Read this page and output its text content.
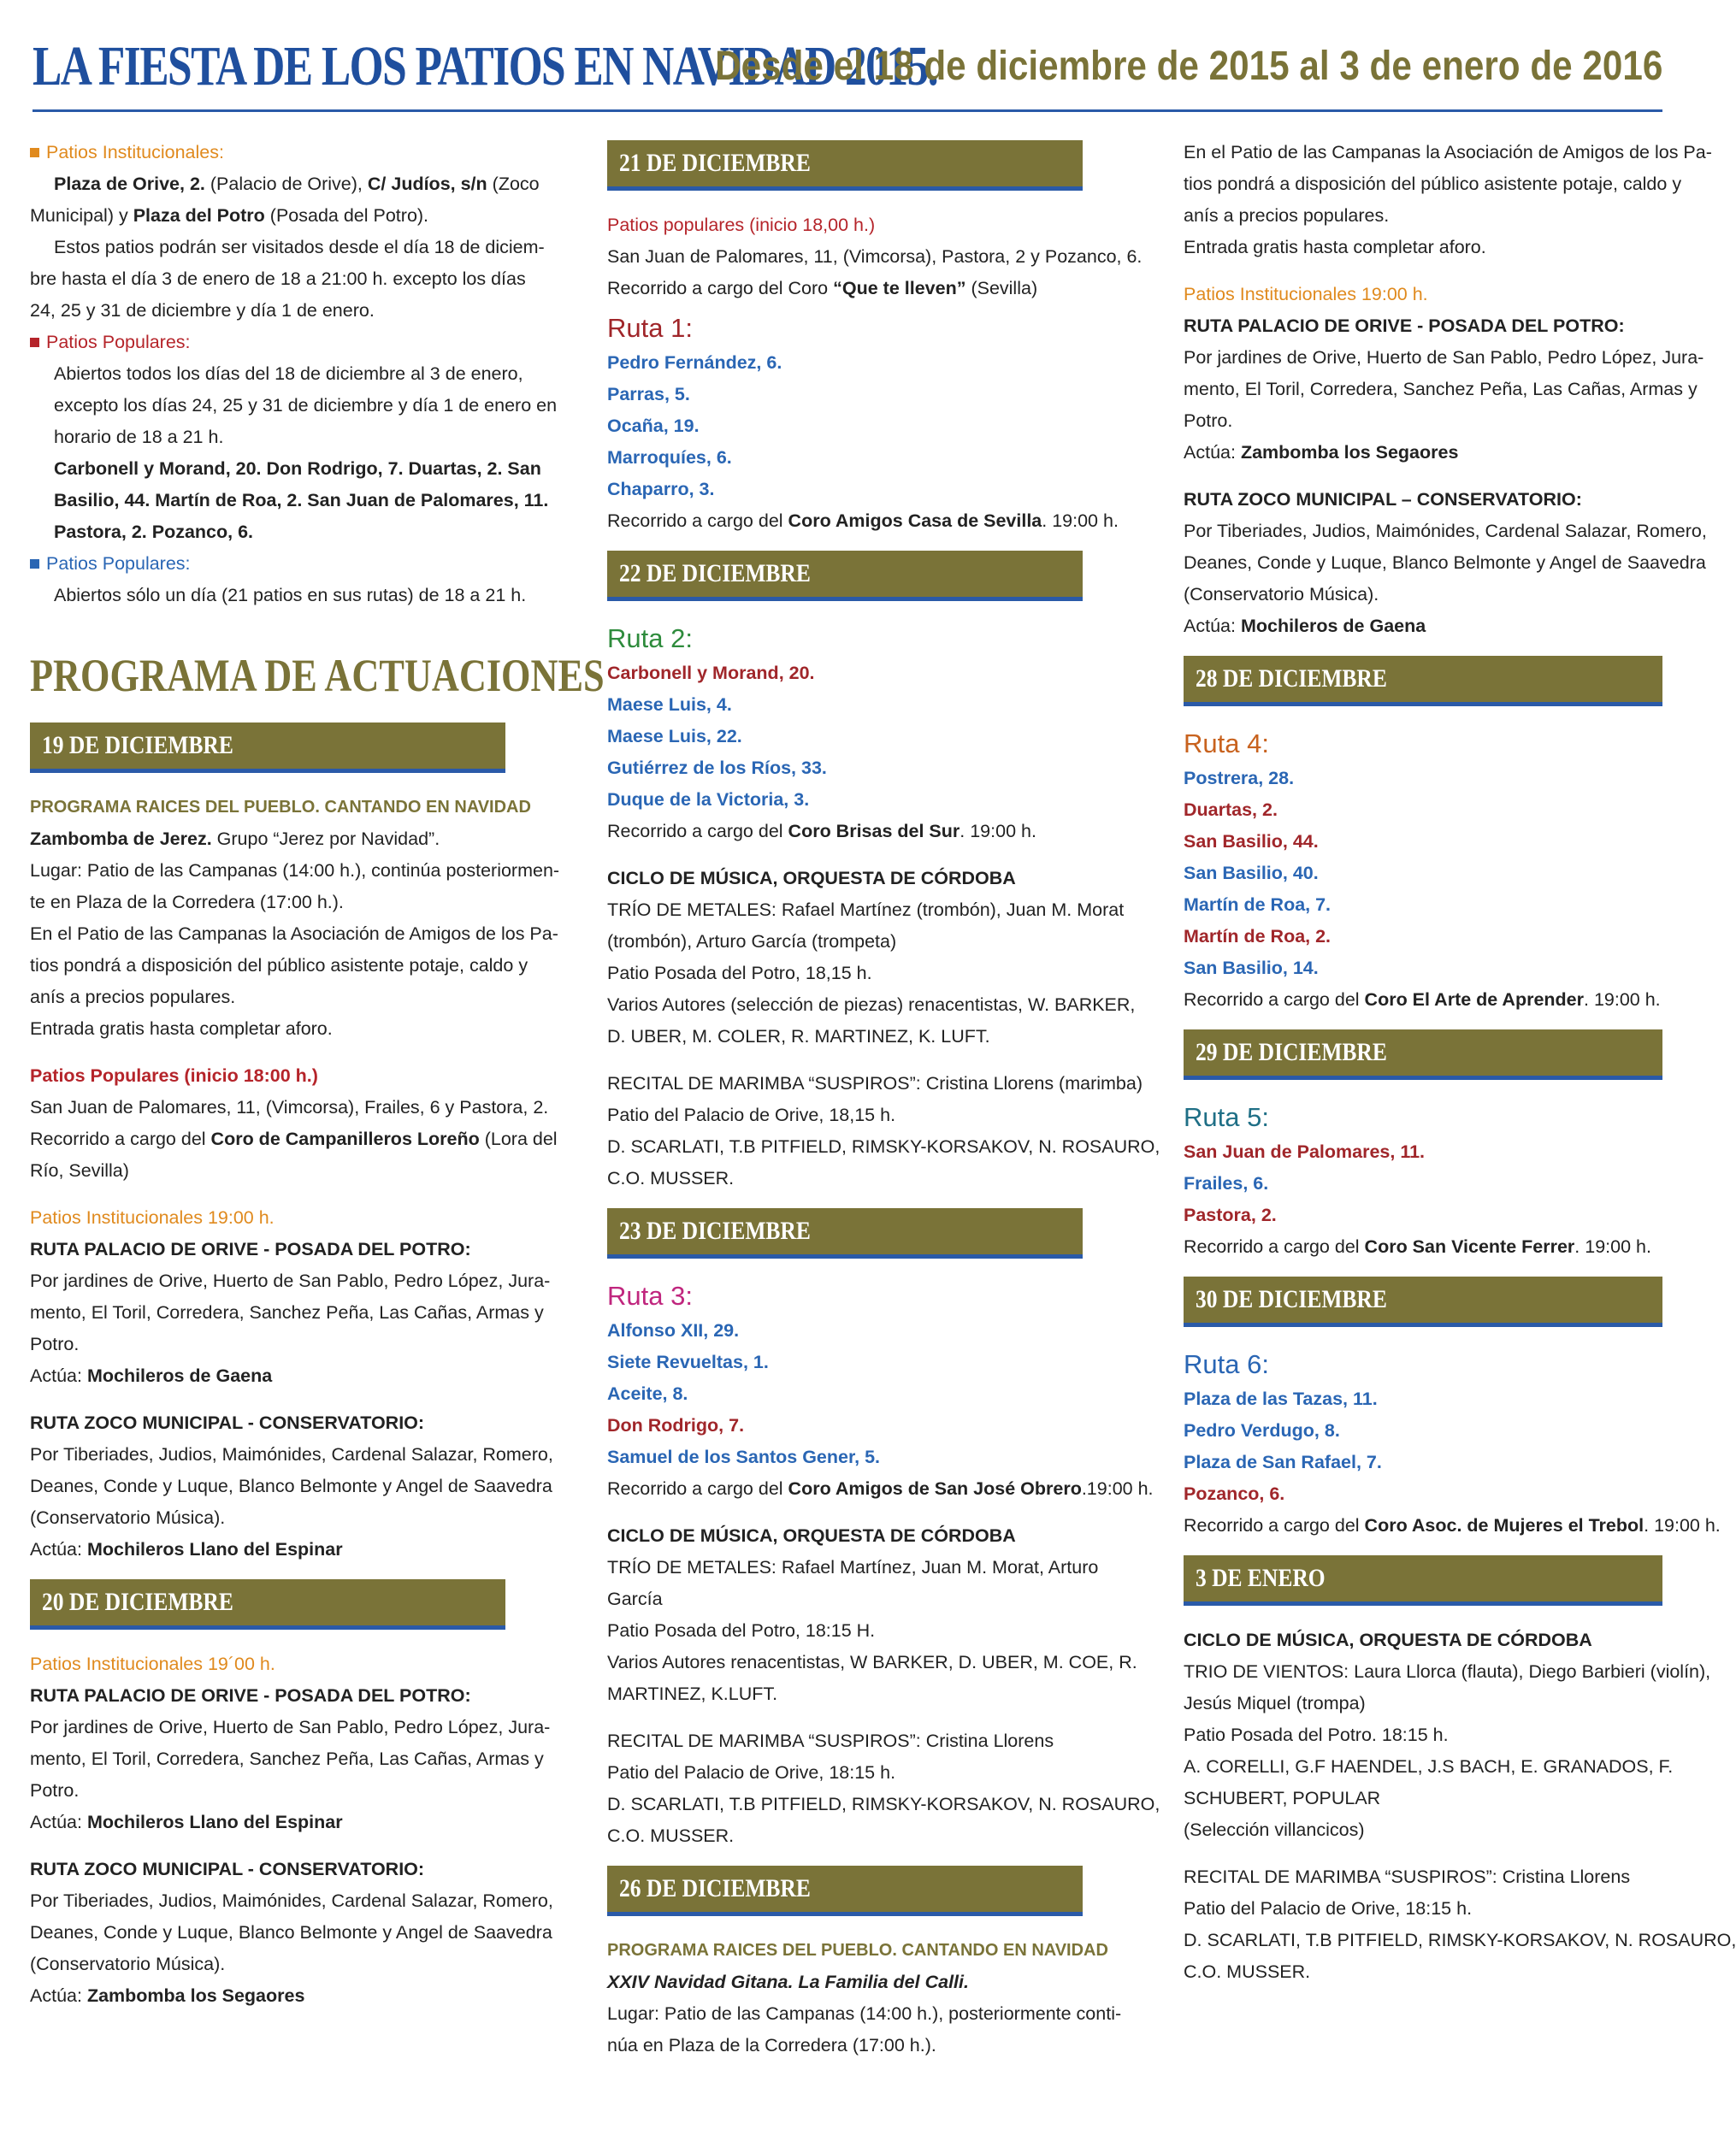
LA FIESTA DE LOS PATIOS EN NAVIDAD 2015.
Desde el 18 de diciembre de 2015 al 3 de enero de 2016
Patios Institucionales:
Plaza de Orive, 2. (Palacio de Orive), C/ Judíos, s/n (Zoco
Municipal) y Plaza del Potro (Posada del Potro).
Estos patios podrán ser visitados desde el día 18 de diciem-
bre hasta el día 3 de enero de 18 a 21:00 h. excepto los días
24, 25 y 31 de diciembre y día 1 de enero.
Patios Populares:
Abiertos todos los días del 18 de diciembre al 3 de enero,
excepto los días 24, 25 y 31 de diciembre y día 1 de enero en
horario de 18 a 21 h.
Carbonell y Morand, 20. Don Rodrigo, 7. Duartas, 2. San
Basilio, 44. Martín de Roa, 2. San Juan de Palomares, 11.
Pastora, 2. Pozanco, 6.
Patios Populares:
Abiertos sólo un día (21 patios en sus rutas) de 18 a 21 h.
PROGRAMA DE ACTUACIONES
19 DE DICIEMBRE
PROGRAMA RAICES DEL PUEBLO. CANTANDO EN NAVIDAD
Zambomba de Jerez. Grupo “Jerez por Navidad”.
Lugar: Patio de las Campanas (14:00 h.), continúa posteriormen-
te en Plaza de la Corredera (17:00 h.).
En el Patio de las Campanas la Asociación de Amigos de los Pa-
tios pondrá a disposición del público asistente potaje, caldo y
anís a precios populares.
Entrada gratis hasta completar aforo.
Patios Populares (inicio 18:00 h.)
San Juan de Palomares, 11, (Vimcorsa), Frailes, 6 y Pastora, 2.
Recorrido a cargo del Coro de Campanilleros Loreño (Lora del
Río, Sevilla)
Patios Institucionales 19:00 h.
RUTA PALACIO DE ORIVE - POSADA DEL POTRO:
Por jardines de Orive, Huerto de San Pablo, Pedro López, Jura-
mento, El Toril, Corredera, Sanchez Peña, Las Cañas, Armas y
Potro.
Actúa: Mochileros de Gaena
RUTA ZOCO MUNICIPAL - CONSERVATORIO:
Por Tiberiades, Judios, Maimónides, Cardenal Salazar, Romero,
Deanes, Conde y Luque, Blanco Belmonte y Angel de Saavedra
(Conservatorio Música).
Actúa: Mochileros Llano del Espinar
20 DE DICIEMBRE
Patios Institucionales 19´00 h.
RUTA PALACIO DE ORIVE - POSADA DEL POTRO:
Por jardines de Orive, Huerto de San Pablo, Pedro López, Jura-
mento, El Toril, Corredera, Sanchez Peña, Las Cañas, Armas y
Potro.
Actúa: Mochileros Llano del Espinar
RUTA ZOCO MUNICIPAL - CONSERVATORIO:
Por Tiberiades, Judios, Maimónides, Cardenal Salazar, Romero,
Deanes, Conde y Luque, Blanco Belmonte y Angel de Saavedra
(Conservatorio Música).
Actúa: Zambomba los Segaores
21 DE DICIEMBRE
Patios populares (inicio 18,00 h.)
San Juan de Palomares, 11, (Vimcorsa), Pastora, 2 y Pozanco, 6.
Recorrido a cargo del Coro “Que te lleven” (Sevilla)
Ruta 1:
Pedro Fernández, 6.
Parras, 5.
Ocaña, 19.
Marroquíes, 6.
Chaparro, 3.
Recorrido a cargo del Coro Amigos Casa de Sevilla. 19:00 h.
22 DE DICIEMBRE
Ruta 2:
Carbonell y Morand, 20.
Maese Luis, 4.
Maese Luis, 22.
Gutiérrez de los Ríos, 33.
Duque de la Victoria, 3.
Recorrido a cargo del Coro Brisas del Sur. 19:00 h.
CICLO DE MÚSICA, ORQUESTA DE CÓRDOBA
TRÍO DE METALES: Rafael Martínez (trombón), Juan M. Morat
(trombón), Arturo García (trompeta)
Patio Posada del Potro, 18,15 h.
Varios Autores (selección de piezas) renacentistas, W. BARKER,
D. UBER, M. COLER, R. MARTINEZ, K. LUFT.
RECITAL DE MARIMBA “SUSPIROS”: Cristina Llorens (marimba)
Patio del Palacio de Orive, 18,15 h.
D. SCARLATI, T.B PITFIELD, RIMSKY-KORSAKOV, N. ROSAURO,
C.O. MUSSER.
23 DE DICIEMBRE
Ruta 3:
Alfonso XII, 29.
Siete Revueltas, 1.
Aceite, 8.
Don Rodrigo, 7.
Samuel de los Santos Gener, 5.
Recorrido a cargo del Coro Amigos de San José Obrero.19:00 h.
CICLO DE MÚSICA, ORQUESTA DE CÓRDOBA
TRÍO DE METALES: Rafael Martínez, Juan M. Morat, Arturo
García
Patio Posada del Potro, 18:15 H.
Varios Autores renacentistas, W BARKER, D. UBER, M. COE, R.
MARTINEZ, K.LUFT.
RECITAL DE MARIMBA “SUSPIROS”: Cristina Llorens
Patio del Palacio de Orive, 18:15 h.
D. SCARLATI, T.B PITFIELD, RIMSKY-KORSAKOV, N. ROSAURO,
C.O. MUSSER.
26 DE DICIEMBRE
PROGRAMA RAICES DEL PUEBLO. CANTANDO EN NAVIDAD
XXIV Navidad Gitana. La Familia del Calli.
Lugar: Patio de las Campanas (14:00 h.), posteriormente conti-
núa en Plaza de la Corredera (17:00 h.).
En el Patio de las Campanas la Asociación de Amigos de los Pa-
tios pondrá a disposición del público asistente potaje, caldo y
anís a precios populares.
Entrada gratis hasta completar aforo.
Patios Institucionales 19:00 h.
RUTA PALACIO DE ORIVE - POSADA DEL POTRO:
Por jardines de Orive, Huerto de San Pablo, Pedro López, Jura-
mento, El Toril, Corredera, Sanchez Peña, Las Cañas, Armas y
Potro.
Actúa: Zambomba los Segaores
RUTA ZOCO MUNICIPAL – CONSERVATORIO:
Por Tiberiades, Judios, Maimónides, Cardenal Salazar, Romero,
Deanes, Conde y Luque, Blanco Belmonte y Angel de Saavedra
(Conservatorio Música).
Actúa: Mochileros de Gaena
28 DE DICIEMBRE
Ruta 4:
Postrera, 28.
Duartas, 2.
San Basilio, 44.
San Basilio, 40.
Martín de Roa, 7.
Martín de Roa, 2.
San Basilio, 14.
Recorrido a cargo del Coro El Arte de Aprender. 19:00 h.
29 DE DICIEMBRE
Ruta 5:
San Juan de Palomares, 11.
Frailes, 6.
Pastora, 2.
Recorrido a cargo del Coro San Vicente Ferrer. 19:00 h.
30 DE DICIEMBRE
Ruta 6:
Plaza de las Tazas, 11.
Pedro Verdugo, 8.
Plaza de San Rafael, 7.
Pozanco, 6.
Recorrido a cargo del Coro Asoc. de Mujeres el Trebol. 19:00 h.
3 DE ENERO
CICLO DE MÚSICA, ORQUESTA DE CÓRDOBA
TRIO DE VIENTOS: Laura Llorca (flauta), Diego Barbieri (violín),
Jesús Miquel (trompa)
Patio Posada del Potro. 18:15 h.
A. CORELLI, G.F HAENDEL, J.S BACH, E. GRANADOS, F.
SCHUBERT, POPULAR
(Selección villancicos)
RECITAL DE MARIMBA “SUSPIROS”: Cristina Llorens
Patio del Palacio de Orive, 18:15 h.
D. SCARLATI, T.B PITFIELD, RIMSKY-KORSAKOV, N. ROSAURO,
C.O. MUSSER.
